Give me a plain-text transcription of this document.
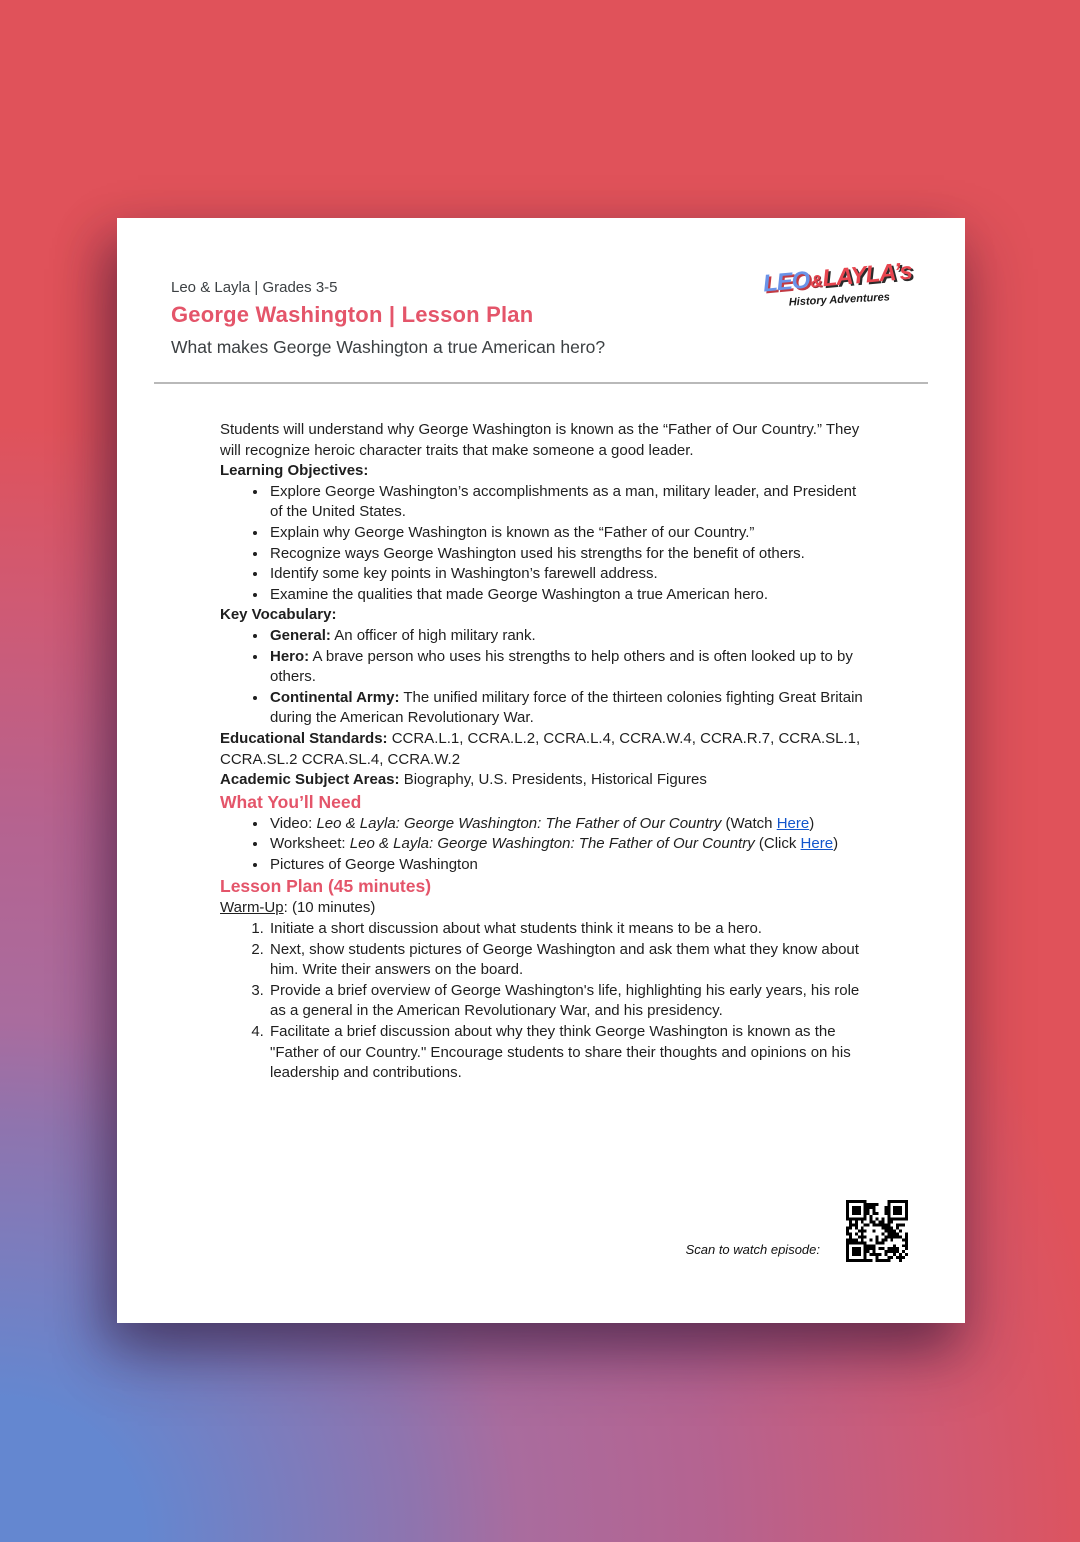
Leo & Layla | Grades 3-5
George Washington | Lesson Plan
What makes George Washington a true American hero?
LEO&LAYLA’s
History Adventures

Students will understand why George Washington is known as the “Father of Our Country.” They will recognize heroic character traits that make someone a good leader.

Learning Objectives:

• Explore George Washington’s accomplishments as a man, military leader, and President of the United States.
• Explain why George Washington is known as the “Father of our Country.”
• Recognize ways George Washington used his strengths for the benefit of others.
• Identify some key points in Washington’s farewell address.
• Examine the qualities that made George Washington a true American hero.

Key Vocabulary:

• General: An officer of high military rank.
• Hero: A brave person who uses his strengths to help others and is often looked up to by others.
• Continental Army: The unified military force of the thirteen colonies fighting Great Britain during the American Revolutionary War.

Educational Standards: CCRA.L.1, CCRA.L.2, CCRA.L.4, CCRA.W.4, CCRA.R.7, CCRA.SL.1, CCRA.SL.2 CCRA.SL.4, CCRA.W.2

Academic Subject Areas: Biography, U.S. Presidents, Historical Figures

What You’ll Need

• Video: Leo & Layla: George Washington: The Father of Our Country (Watch Here)
• Worksheet: Leo & Layla: George Washington: The Father of Our Country (Click Here)
• Pictures of George Washington

Lesson Plan (45 minutes)

Warm-Up: (10 minutes)

1. Initiate a short discussion about what students think it means to be a hero.
2. Next, show students pictures of George Washington and ask them what they know about him. Write their answers on the board.
3. Provide a brief overview of George Washington's life, highlighting his early years, his role as a general in the American Revolutionary War, and his presidency.
4. Facilitate a brief discussion about why they think George Washington is known as the "Father of our Country." Encourage students to share their thoughts and opinions on his leadership and contributions.
Scan to watch episode:
